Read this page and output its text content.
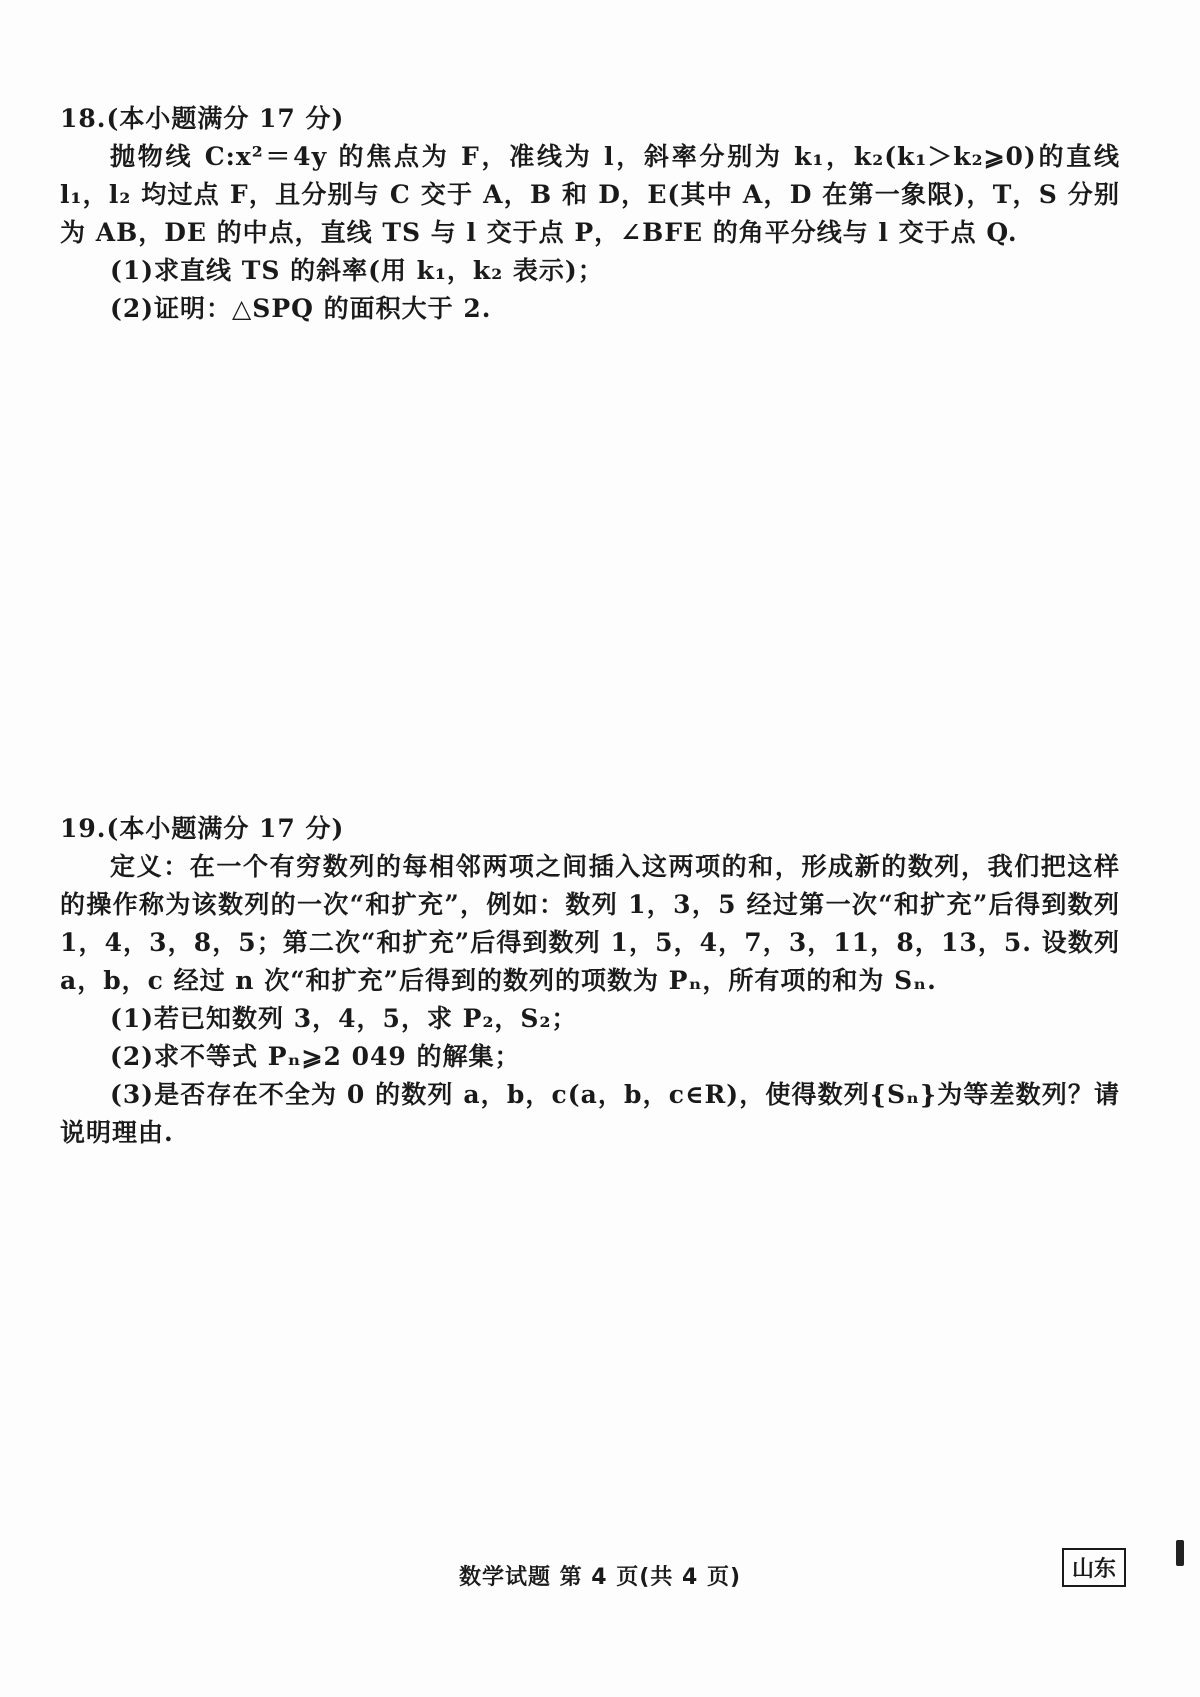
18.(本小题满分 17 分)

抛物线 C:x²＝4y 的焦点为 F，准线为 l，斜率分别为 k₁，k₂(k₁＞k₂⩾0)的直线 l₁，l₂ 均过点 F，且分别与 C 交于 A，B 和 D，E(其中 A，D 在第一象限)，T，S 分别为 AB，DE 的中点，直线 TS 与 l 交于点 P，∠BFE 的角平分线与 l 交于点 Q.

(1)求直线 TS 的斜率(用 k₁，k₂ 表示)；

(2)证明：△SPQ 的面积大于 2.

19.(本小题满分 17 分)

定义：在一个有穷数列的每相邻两项之间插入这两项的和，形成新的数列，我们把这样的操作称为该数列的一次“和扩充”，例如：数列 1，3，5 经过第一次“和扩充”后得到数列 1，4，3，8，5；第二次“和扩充”后得到数列 1，5，4，7，3，11，8，13，5. 设数列 a，b，c 经过 n 次“和扩充”后得到的数列的项数为 Pₙ，所有项的和为 Sₙ.

(1)若已知数列 3，4，5，求 P₂，S₂；

(2)求不等式 Pₙ⩾2 049 的解集；

(3)是否存在不全为 0 的数列 a，b，c(a，b，c∈R)，使得数列{Sₙ}为等差数列？请说明理由.

数学试题 第 4 页(共 4 页)	山东
